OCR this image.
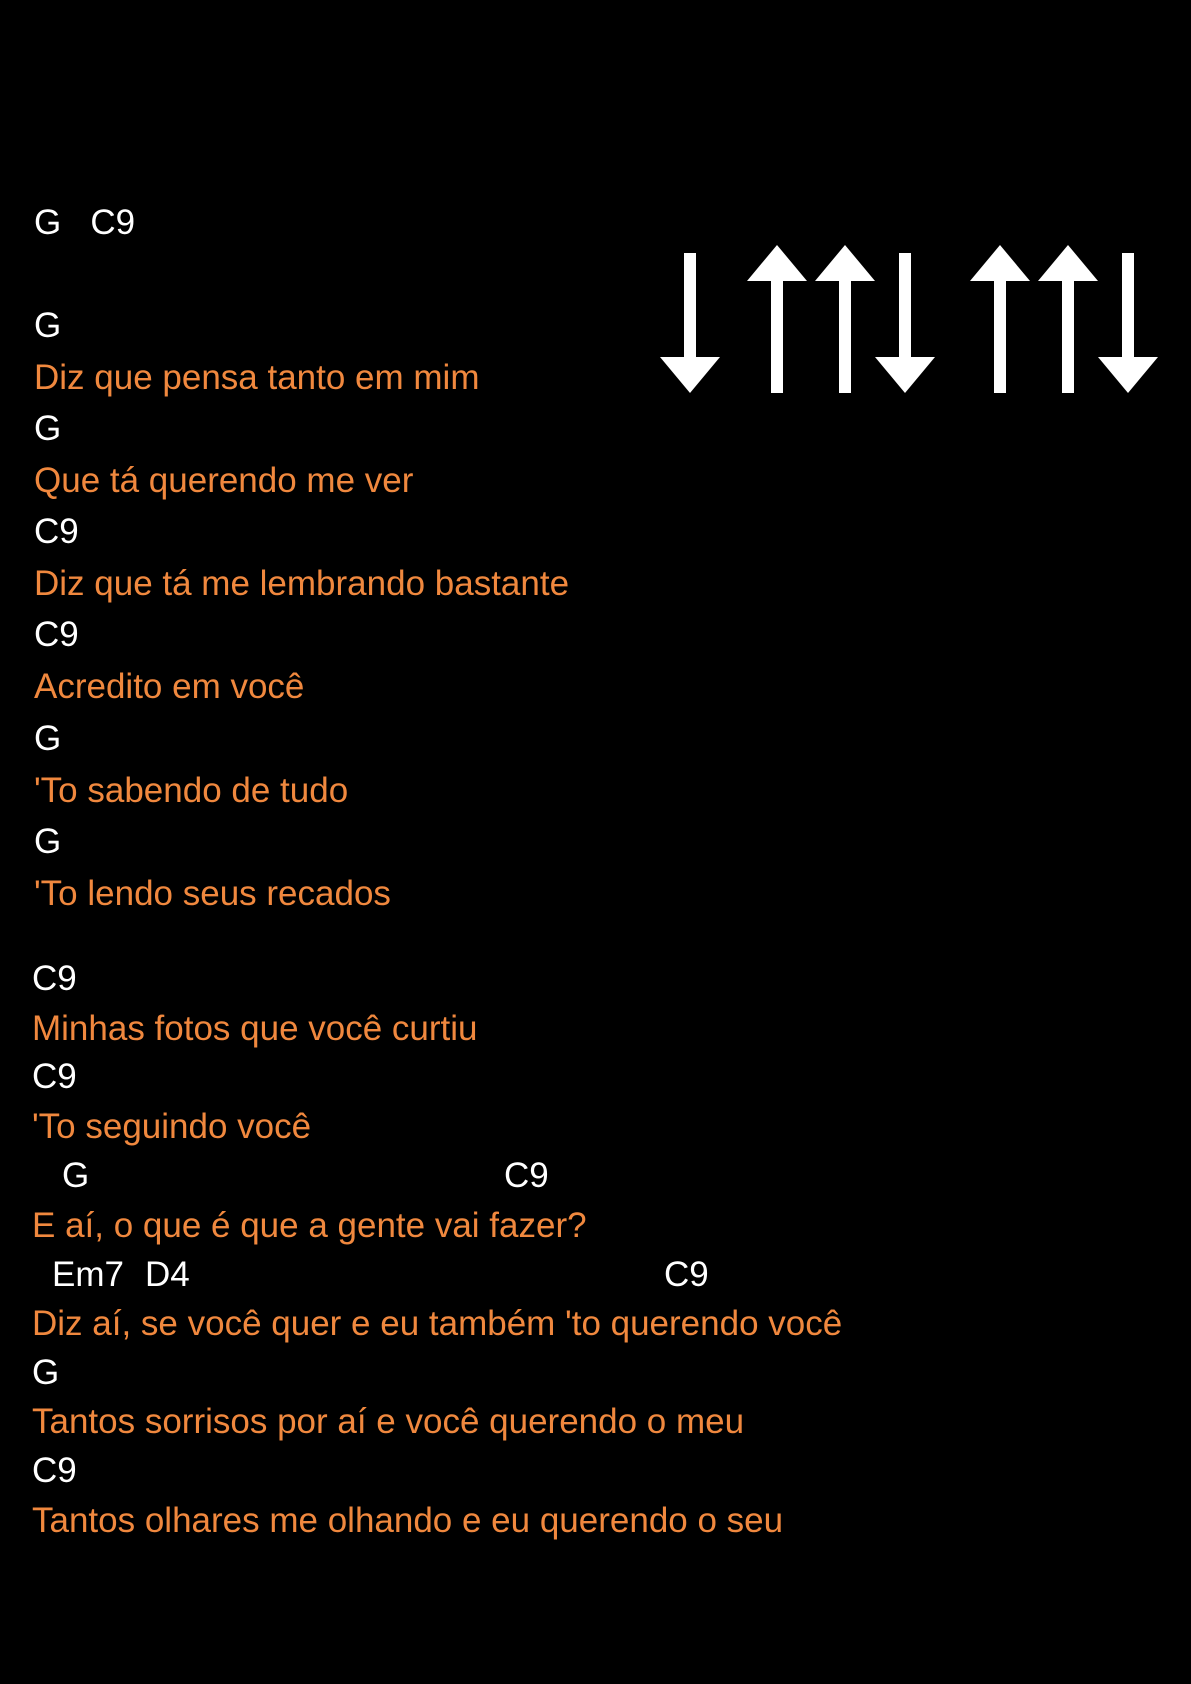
G   C9
G
Diz que pensa tanto em mim
G
Que tá querendo me ver
C9
Diz que tá me lembrando bastante
C9
Acredito em você
G
'To sabendo de tudo
G
'To lendo seus recados
C9
Minhas fotos que você curtiu
C9
'To seguindo você
G	C9
E aí, o que é que a gente vai fazer?
Em7 D4	C9
Diz aí, se você quer e eu também 'to querendo você
G
Tantos sorrisos por aí e você querendo o meu
C9
Tantos olhares me olhando e eu querendo o seu
